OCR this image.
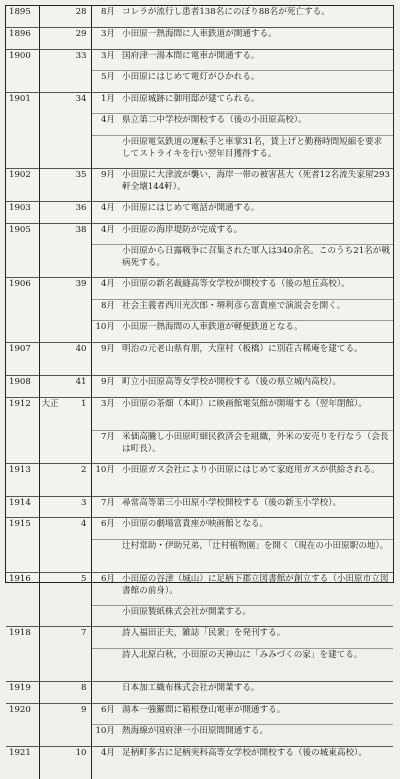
1895		28	8月	コレラが流行し患者138名にのぼり88名が死亡する。
1896		29	3月	小田原一熱海間に人車鉄道が開通する。
1900		33	3月	国府津一湯本間に電車が開通する。
			5月	小田原にはじめて電灯がひかれる。
1901		34	1月	小田原城跡に御用邸が建てられる。
			4月	県立第二中学校が開校する（後の小田原高校）。
				小田原電気鉄道の運転手と車掌31名，賃上げと勤務時間短縮を要求してストライキを行い翌年目獲得する。
1902		35	9月	小田原に大津波が襲い，海岸一帯の被害甚大（死者12名流失家屋293軒全壊144軒）。
1903		36	4月	小田原にはじめて電話が開通する。
1905		38	4月	小田原の海岸堤防が完成する。
				小田原から日露戦争に召集された軍人は340余名。このうち21名が戦病死する。
1906		39	4月	小田原の新名裁縫高等女学校が開校する（後の旭丘高校）。
			8月	社会主義者西川光次郎・堺利彦ら富貴座で演説会を開く。
			10月	小田原一熱海間の人車鉄道が軽便鉄道となる。
1907		40	9月	明治の元老山県有朋，大窪村（板橋）に別荘古稀庵を建てる。
1908		41	9月	町立小田原高等女学校が開校する（後の県立城内高校）。
1912	大正	1	3月	小田原の茶畑（本町）に映画館電気館が開場する（翌年閉館）。
			7月	米価高騰し小田原町細民救済会を組織，外米の安売りを行なう（会長は町長）。
1913		2	10月	小田原ガス会社により小田原にはじめて家庭用ガスが供給される。
1914		3	7月	尋常高等第三小田原小学校開校する（後の新玉小学校）。
1915		4	6月	小田原の劇場富貴座が映画館となる。
				辻村常助・伊助兄弟，「辻村植物園」を開く（現在の小田原駅の地）。
1916		5	6月	小田原の谷津（城山）に足柄下郡立図書館が創立する（小田原市立図書館の前身）。
				小田原製紙株式会社が開業する。
1918		7		詩人福田正夫，雑誌「民衆」を発刊する。
				詩人北原白秋，小田原の天神山に「みみづくの家」を建てる。
1919		8		日本加工織布株式会社が開業する。
1920		9	6月	湯本一強羅間に箱根登山電車が開通する。
			10月	熱海線が国府津一小田原間開通する。
1921		10	4月	足柄町多古に足柄実科高等女学校が開校する（後の城東高校）。
